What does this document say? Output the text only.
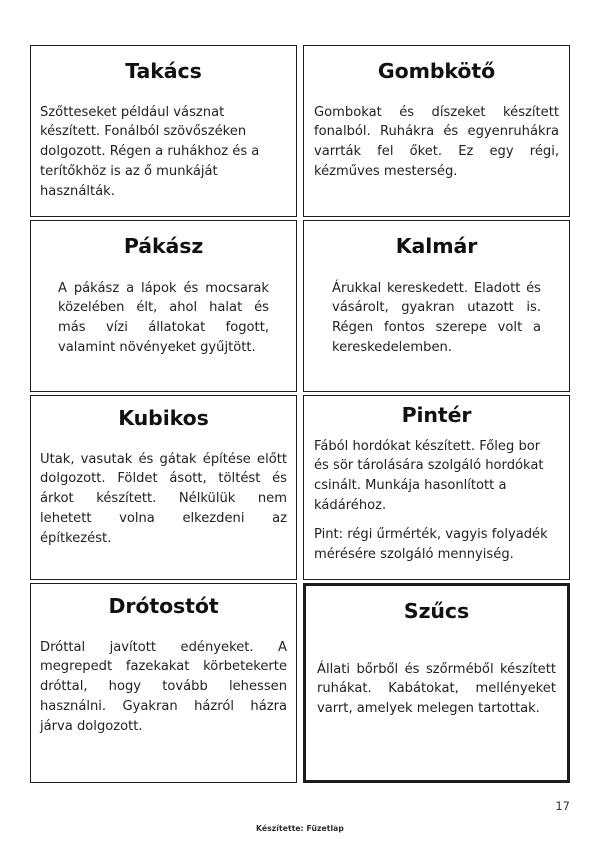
Takács

Szőtteseket például vásznat készített. Fonálból szövőszéken dolgozott. Régen a ruhákhoz és a terítőkhöz is az ő munkáját használták.

Gombkötő

Gombokat és díszeket készített fonalból. Ruhákra és egyenruhákra varrták fel őket. Ez egy régi, kézműves mesterség.

Pákász

A pákász a lápok és mocsarak közelében élt, ahol halat és más vízi állatokat fogott, valamint növényeket gyűjtött.

Kalmár

Árukkal kereskedett. Eladott és vásárolt, gyakran utazott is. Régen fontos szerepe volt a kereskedelemben.

Kubikos

Utak, vasutak és gátak építése előtt dolgozott. Földet ásott, töltést és árkot készített. Nélkülük nem lehetett volna elkezdeni az építkezést.

Pintér

Fából hordókat készített. Főleg bor és sör tárolására szolgáló hordókat csinált. Munkája hasonlított a kádáréhoz.

Pint: régi űrmérték, vagyis folyadék mérésére szolgáló mennyiség.

Drótostót

Dróttal javított edényeket. A megrepedt fazekakat körbetekerte dróttal, hogy tovább lehessen használni. Gyakran házról házra járva dolgozott.

Szűcs

Állati bőrből és szőrméből készített ruhákat. Kabátokat, mellényeket varrt, amelyek melegen tartottak.

17
Készítette: Füzetlap
